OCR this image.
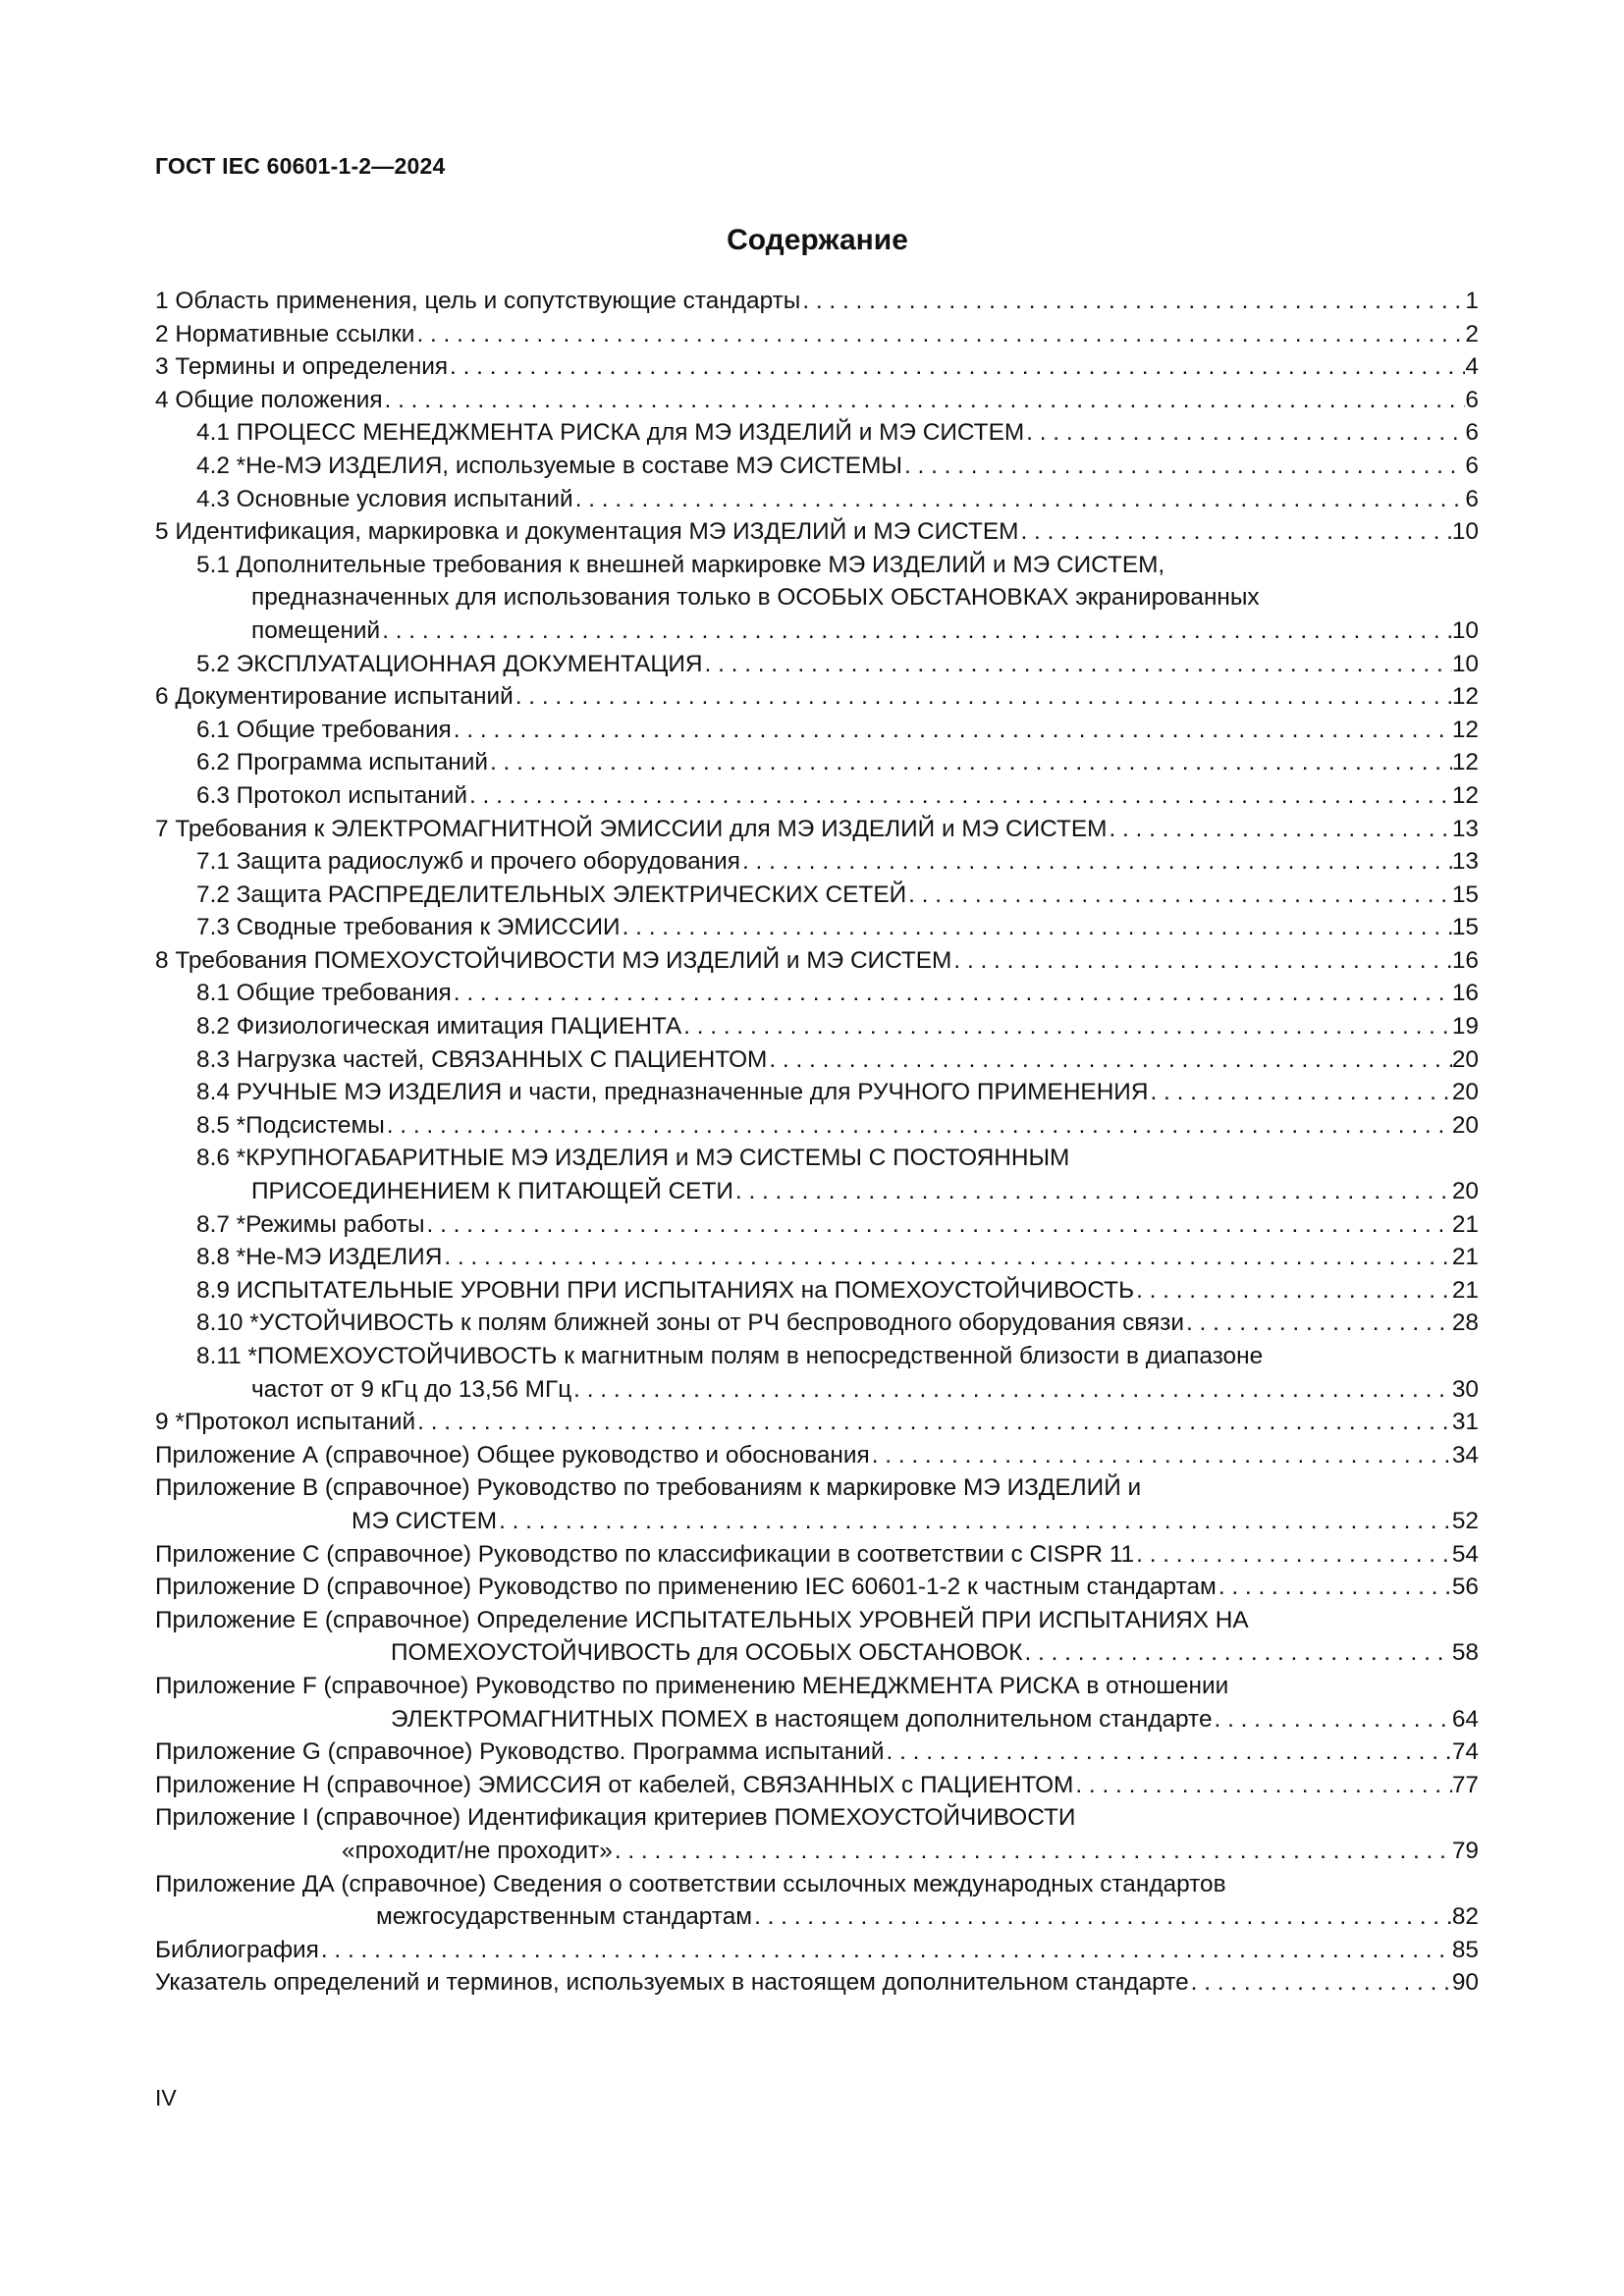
ГОСТ IEC 60601-1-2—2024
Содержание
1 Область применения, цель и сопутствующие стандарты . . .	1
2 Нормативные ссылки . . .	2
3 Термины и определения . . .	4
4 Общие положения . . .	6
4.1 ПРОЦЕСС МЕНЕДЖМЕНТА РИСКА для МЭ ИЗДЕЛИЙ и МЭ СИСТЕМ . . .	6
4.2 *Не-МЭ ИЗДЕЛИЯ, используемые в составе МЭ СИСТЕМЫ . . .	6
4.3 Основные условия испытаний . . .	6
5 Идентификация, маркировка и документация МЭ ИЗДЕЛИЙ и МЭ СИСТЕМ . . .	10
5.1 Дополнительные требования к внешней маркировке МЭ ИЗДЕЛИЙ и МЭ СИСТЕМ,
предназначенных для использования только в ОСОБЫХ ОБСТАНОВКАХ экранированных
помещений . . .	10
5.2 ЭКСПЛУАТАЦИОННАЯ ДОКУМЕНТАЦИЯ . . .	10
6 Документирование испытаний . . .	12
6.1 Общие требования . . .	12
6.2 Программа испытаний . . .	12
6.3 Протокол испытаний . . .	12
7 Требования к ЭЛЕКТРОМАГНИТНОЙ ЭМИССИИ для МЭ ИЗДЕЛИЙ и МЭ СИСТЕМ . . .	13
7.1 Защита радиослужб и прочего оборудования . . .	13
7.2 Защита РАСПРЕДЕЛИТЕЛЬНЫХ ЭЛЕКТРИЧЕСКИХ СЕТЕЙ . . .	15
7.3 Сводные требования к ЭМИССИИ . . .	15
8 Требования ПОМЕХОУСТОЙЧИВОСТИ МЭ ИЗДЕЛИЙ и МЭ СИСТЕМ . . .	16
8.1 Общие требования . . .	16
8.2 Физиологическая имитация ПАЦИЕНТА . . .	19
8.3 Нагрузка частей, СВЯЗАННЫХ С ПАЦИЕНТОМ . . .	20
8.4 РУЧНЫЕ МЭ ИЗДЕЛИЯ и части, предназначенные для РУЧНОГО ПРИМЕНЕНИЯ . . .	20
8.5 *Подсистемы . . .	20
8.6 *КРУПНОГАБАРИТНЫЕ МЭ ИЗДЕЛИЯ и МЭ СИСТЕМЫ С ПОСТОЯННЫМ
ПРИСОЕДИНЕНИЕМ К ПИТАЮЩЕЙ СЕТИ . . .	20
8.7 *Режимы работы . . .	21
8.8 *Не-МЭ ИЗДЕЛИЯ . . .	21
8.9 ИСПЫТАТЕЛЬНЫЕ УРОВНИ ПРИ ИСПЫТАНИЯХ на ПОМЕХОУСТОЙЧИВОСТЬ . . .	21
8.10 *УСТОЙЧИВОСТЬ к полям ближней зоны от РЧ беспроводного оборудования связи . . .	28
8.11 *ПОМЕХОУСТОЙЧИВОСТЬ к магнитным полям в непосредственной близости в диапазоне
частот от 9 кГц до 13,56 МГц . . .	30
9 *Протокол испытаний . . .	31
Приложение А (справочное) Общее руководство и обоснования . . .	34
Приложение В (справочное) Руководство по требованиям к маркировке МЭ ИЗДЕЛИЙ и
МЭ СИСТЕМ . . .	52
Приложение С (справочное) Руководство по классификации в соответствии с CISPR 11 . . .	54
Приложение D (справочное) Руководство по применению IEC 60601-1-2 к частным стандартам . . .	56
Приложение Е (справочное) Определение ИСПЫТАТЕЛЬНЫХ УРОВНЕЙ ПРИ ИСПЫТАНИЯХ НА
ПОМЕХОУСТОЙЧИВОСТЬ для ОСОБЫХ ОБСТАНОВОК . . .	58
Приложение F (справочное) Руководство по применению МЕНЕДЖМЕНТА РИСКА в отношении
ЭЛЕКТРОМАГНИТНЫХ ПОМЕХ в настоящем дополнительном стандарте . . .	64
Приложение G (справочное) Руководство. Программа испытаний . . .	74
Приложение Н (справочное) ЭМИССИЯ от кабелей, СВЯЗАННЫХ с ПАЦИЕНТОМ . . .	77
Приложение I (справочное) Идентификация критериев ПОМЕХОУСТОЙЧИВОСТИ
«проходит/не проходит» . . .	79
Приложение ДА (справочное) Сведения о соответствии ссылочных международных стандартов
межгосударственным стандартам . . .	82
Библиография . . .	85
Указатель определений и терминов, используемых в настоящем дополнительном стандарте . . .	90
IV
